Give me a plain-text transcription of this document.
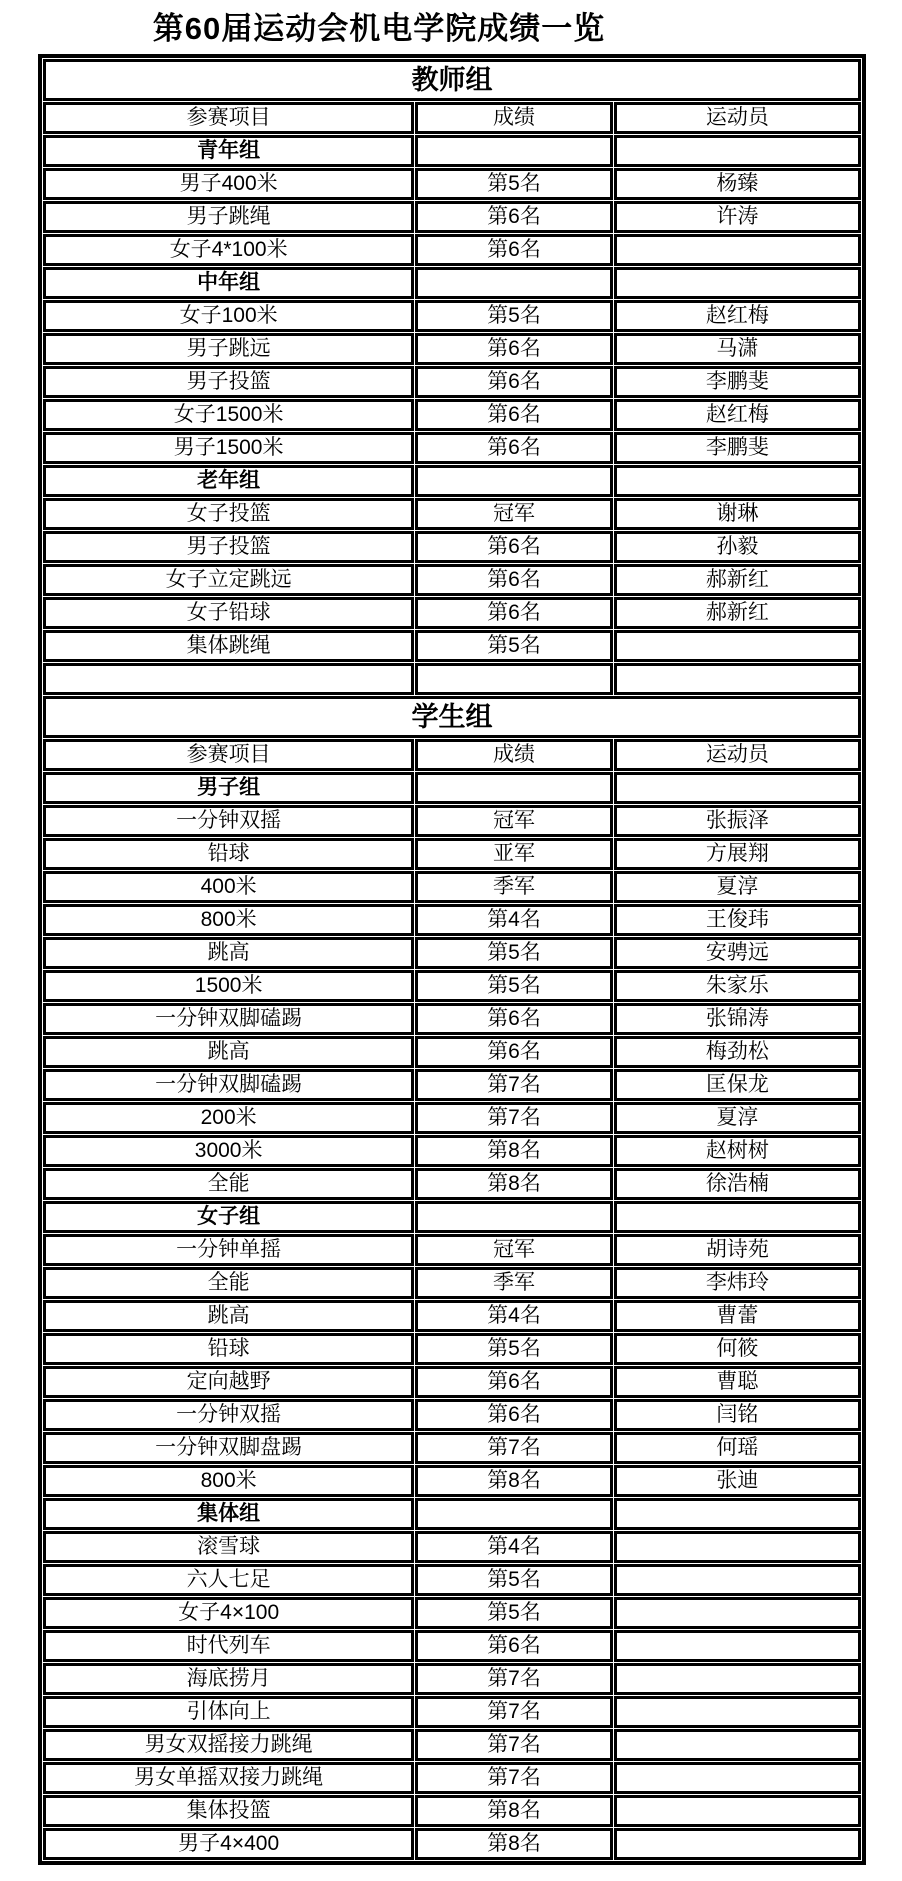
第60届运动会机电学院成绩一览
教师组		
参赛项目	成绩	运动员
青年组		
男子400米	第5名	杨臻
男子跳绳	第6名	许涛
女子4*100米	第6名	
中年组		
女子100米	第5名	赵红梅
男子跳远	第6名	马潇
男子投篮	第6名	李鹏斐
女子1500米	第6名	赵红梅
男子1500米	第6名	李鹏斐
老年组		
女子投篮	冠军	谢琳
男子投篮	第6名	孙毅
女子立定跳远	第6名	郝新红
女子铅球	第6名	郝新红
集体跳绳	第5名	

学生组		
参赛项目	成绩	运动员
男子组		
一分钟双摇	冠军	张振泽
铅球	亚军	方展翔
400米	季军	夏淳
800米	第4名	王俊玮
跳高	第5名	安骋远
1500米	第5名	朱家乐
一分钟双脚磕踢	第6名	张锦涛
跳高	第6名	梅劲松
一分钟双脚磕踢	第7名	匡保龙
200米	第7名	夏淳
3000米	第8名	赵树树
全能	第8名	徐浩楠
女子组		
一分钟单摇	冠军	胡诗苑
全能	季军	李炜玲
跳高	第4名	曹蕾
铅球	第5名	何筱
定向越野	第6名	曹聪
一分钟双摇	第6名	闫铭
一分钟双脚盘踢	第7名	何瑶
800米	第8名	张迪
集体组		
滚雪球	第4名	
六人七足	第5名	
女子4×100	第5名	
时代列车	第6名	
海底捞月	第7名	
引体向上	第7名	
男女双摇接力跳绳	第7名	
男女单摇双接力跳绳	第7名	
集体投篮	第8名	
男子4×400	第8名	
